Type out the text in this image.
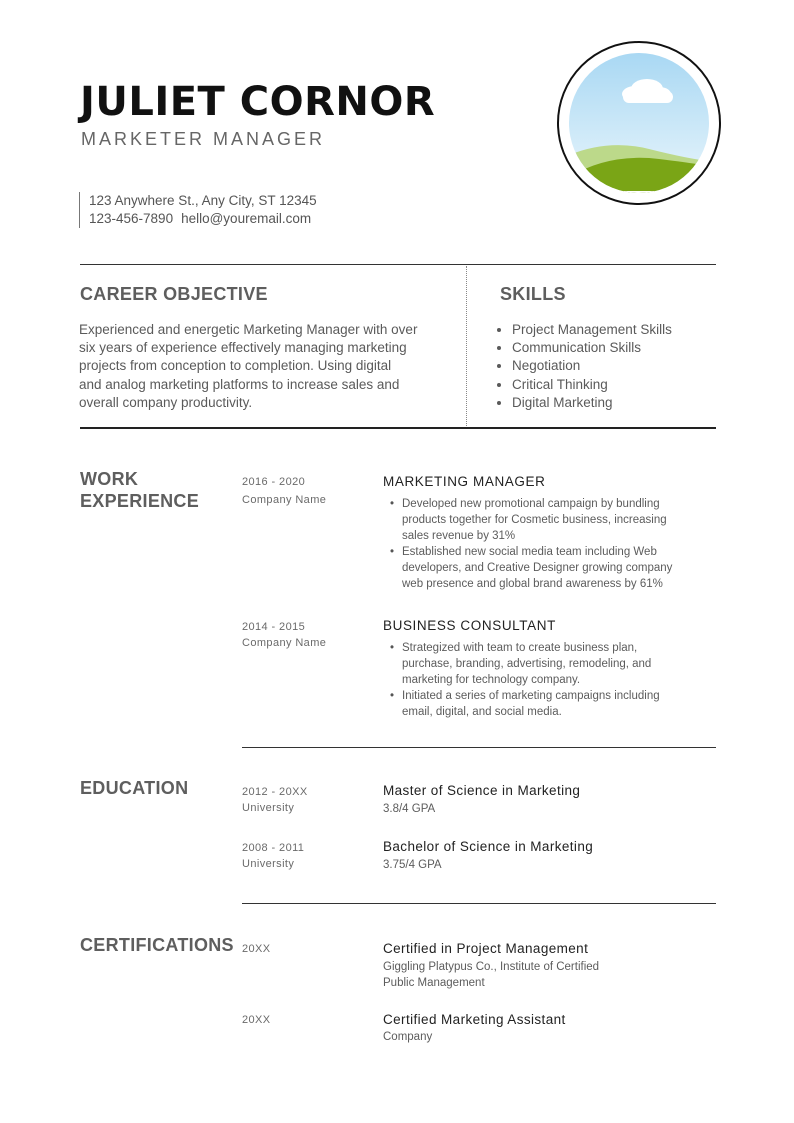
JULIET CORNOR
MARKETER MANAGER
123 Anywhere St., Any City, ST 12345
123-456-7890 hello@youremail.com
CAREER OBJECTIVE
Experienced and energetic Marketing Manager with over
six years of experience effectively managing marketing
projects from conception to completion. Using digital
and analog marketing platforms to increase sales and
overall company productivity.
SKILLS
• Project Management Skills
• Communication Skills
• Negotiation
• Critical Thinking
• Digital Marketing
WORK
EXPERIENCE
2016 - 2020
Company Name
MARKETING MANAGER
• Developed new promotional campaign by bundling
products together for Cosmetic business, increasing
sales revenue by 31%
• Established new social media team including Web
developers, and Creative Designer growing company
web presence and global brand awareness by 61%
2014 - 2015
Company Name
BUSINESS CONSULTANT
• Strategized with team to create business plan,
purchase, branding, advertising, remodeling, and
marketing for technology company.
• Initiated a series of marketing campaigns including
email, digital, and social media.
EDUCATION	2012 - 20XX
University
Master of Science in Marketing
3.8/4 GPA
2008 - 2011
University
Bachelor of Science in Marketing
3.75/4 GPA
CERTIFICATIONS 20XX	Certified in Project Management
Giggling Platypus Co., Institute of Certified
Public Management
20XX	Certified Marketing Assistant
Company
